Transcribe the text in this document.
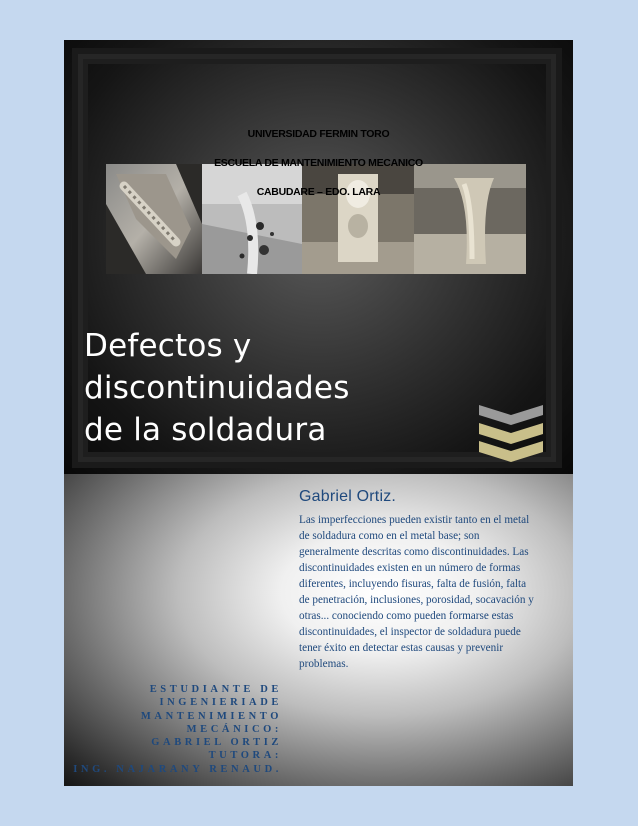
UNIVERSIDAD FERMIN TORO
ESCUELA DE MANTENIMIENTO MECANICO
CABUDARE – EDO. LARA
Defectos y
discontinuidades
de la soldadura
Gabriel Ortiz.
Las imperfecciones pueden existir tanto en el metal
de soldadura como en el metal base; son
generalmente descritas como discontinuidades. Las
discontinuidades existen en un número de formas
diferentes, incluyendo fisuras, falta de fusión, falta
de penetración, inclusiones, porosidad, socavación y
otras... conociendo como pueden formarse estas
discontinuidades, el inspector de soldadura puede
tener éxito en detectar estas causas y prevenir
problemas.
ESTUDIANTE DE
INGENIERIADE
MANTENIMIENTO
MECÁNICO:
GABRIEL ORTIZ
TUTORA:
ING. NAJARANY RENAUD.
